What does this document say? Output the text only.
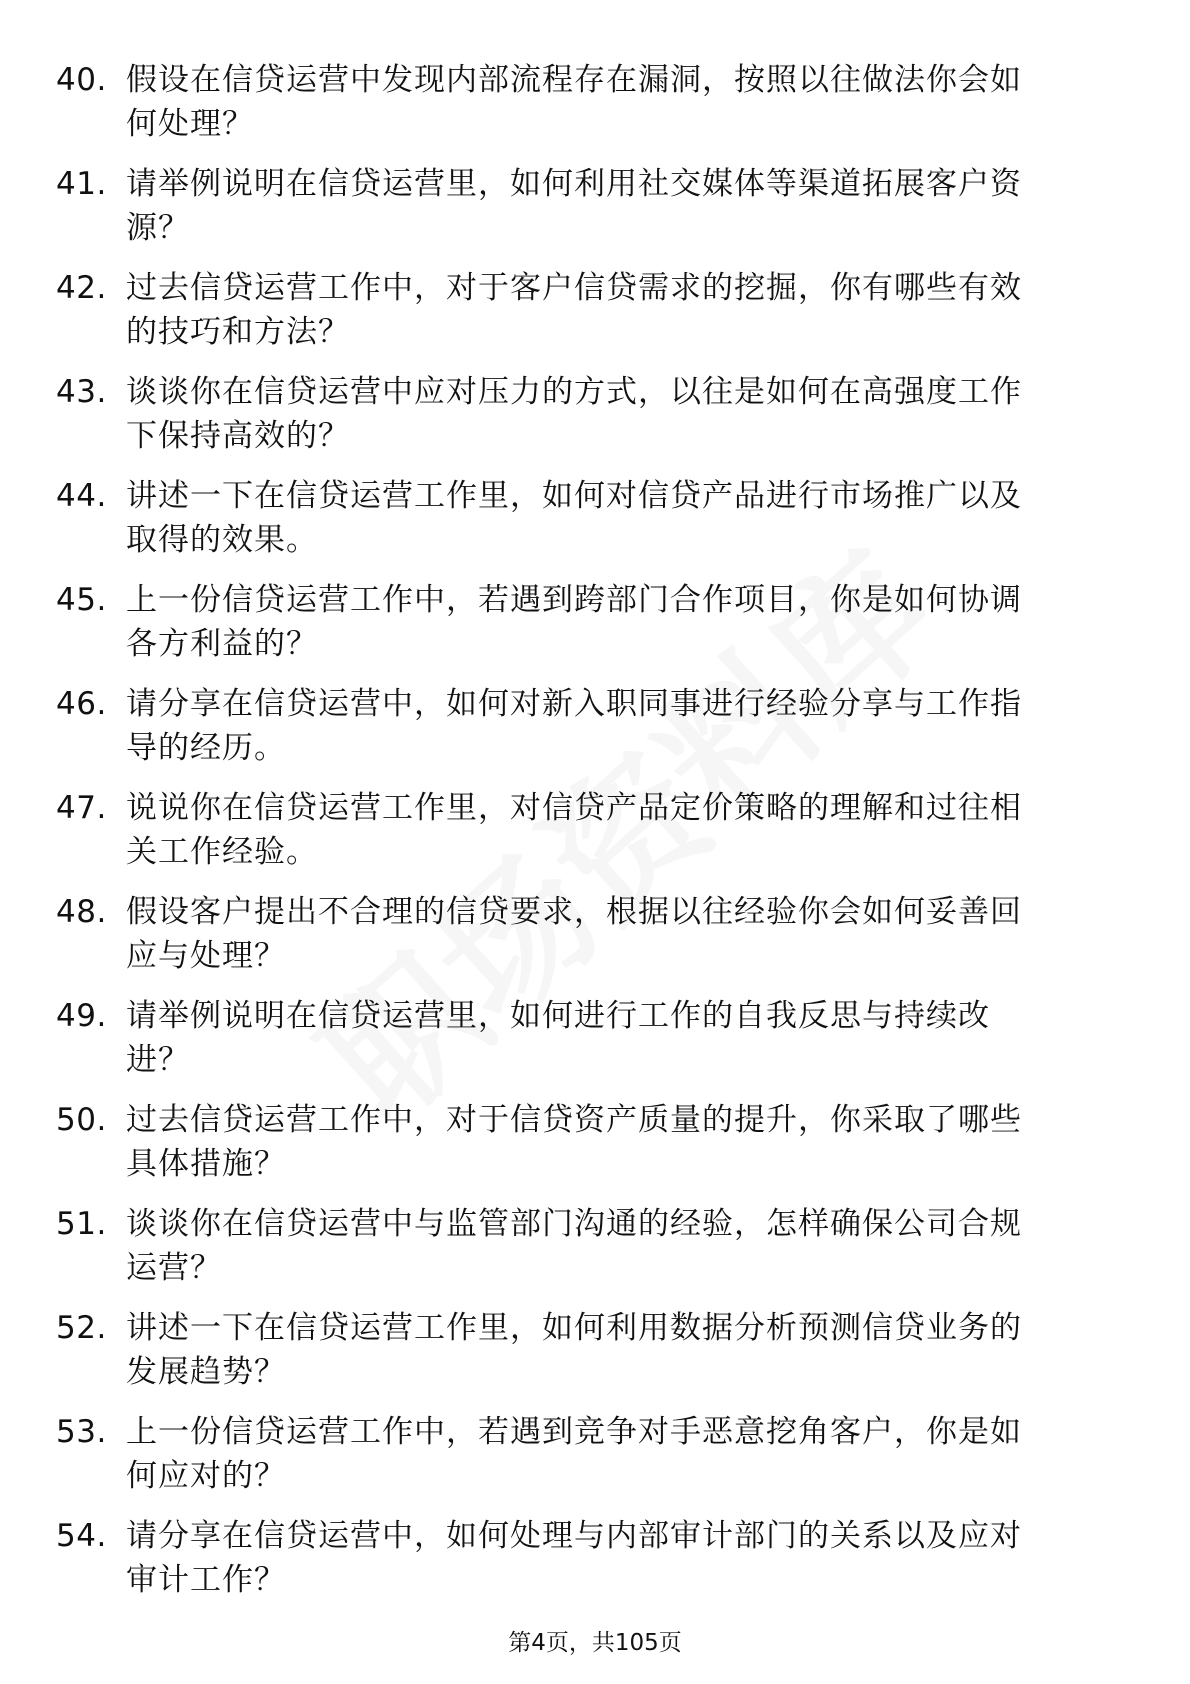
40. 假设在信贷运营中发现内部流程存在漏洞，按照以往做法你会如
何处理？
41. 请举例说明在信贷运营里，如何利用社交媒体等渠道拓展客户资
源？
42. 过去信贷运营工作中，对于客户信贷需求的挖掘，你有哪些有效
的技巧和方法？
43. 谈谈你在信贷运营中应对压力的方式，以往是如何在高强度工作
下保持高效的？
44. 讲述一下在信贷运营工作里，如何对信贷产品进行市场推广以及
取得的效果。
45. 上一份信贷运营工作中，若遇到跨部门合作项目，你是如何协调
各方利益的？
46. 请分享在信贷运营中，如何对新入职同事进行经验分享与工作指
导的经历。
47. 说说你在信贷运营工作里，对信贷产品定价策略的理解和过往相
关工作经验。
48. 假设客户提出不合理的信贷要求，根据以往经验你会如何妥善回
应与处理？
49. 请举例说明在信贷运营里，如何进行工作的自我反思与持续改
进？
50. 过去信贷运营工作中，对于信贷资产质量的提升，你采取了哪些
具体措施？
51. 谈谈你在信贷运营中与监管部门沟通的经验，怎样确保公司合规
运营？
52. 讲述一下在信贷运营工作里，如何利用数据分析预测信贷业务的
发展趋势？
53. 上一份信贷运营工作中，若遇到竞争对手恶意挖角客户，你是如
何应对的？
54. 请分享在信贷运营中，如何处理与内部审计部门的关系以及应对
审计工作？
第4页，共105页
